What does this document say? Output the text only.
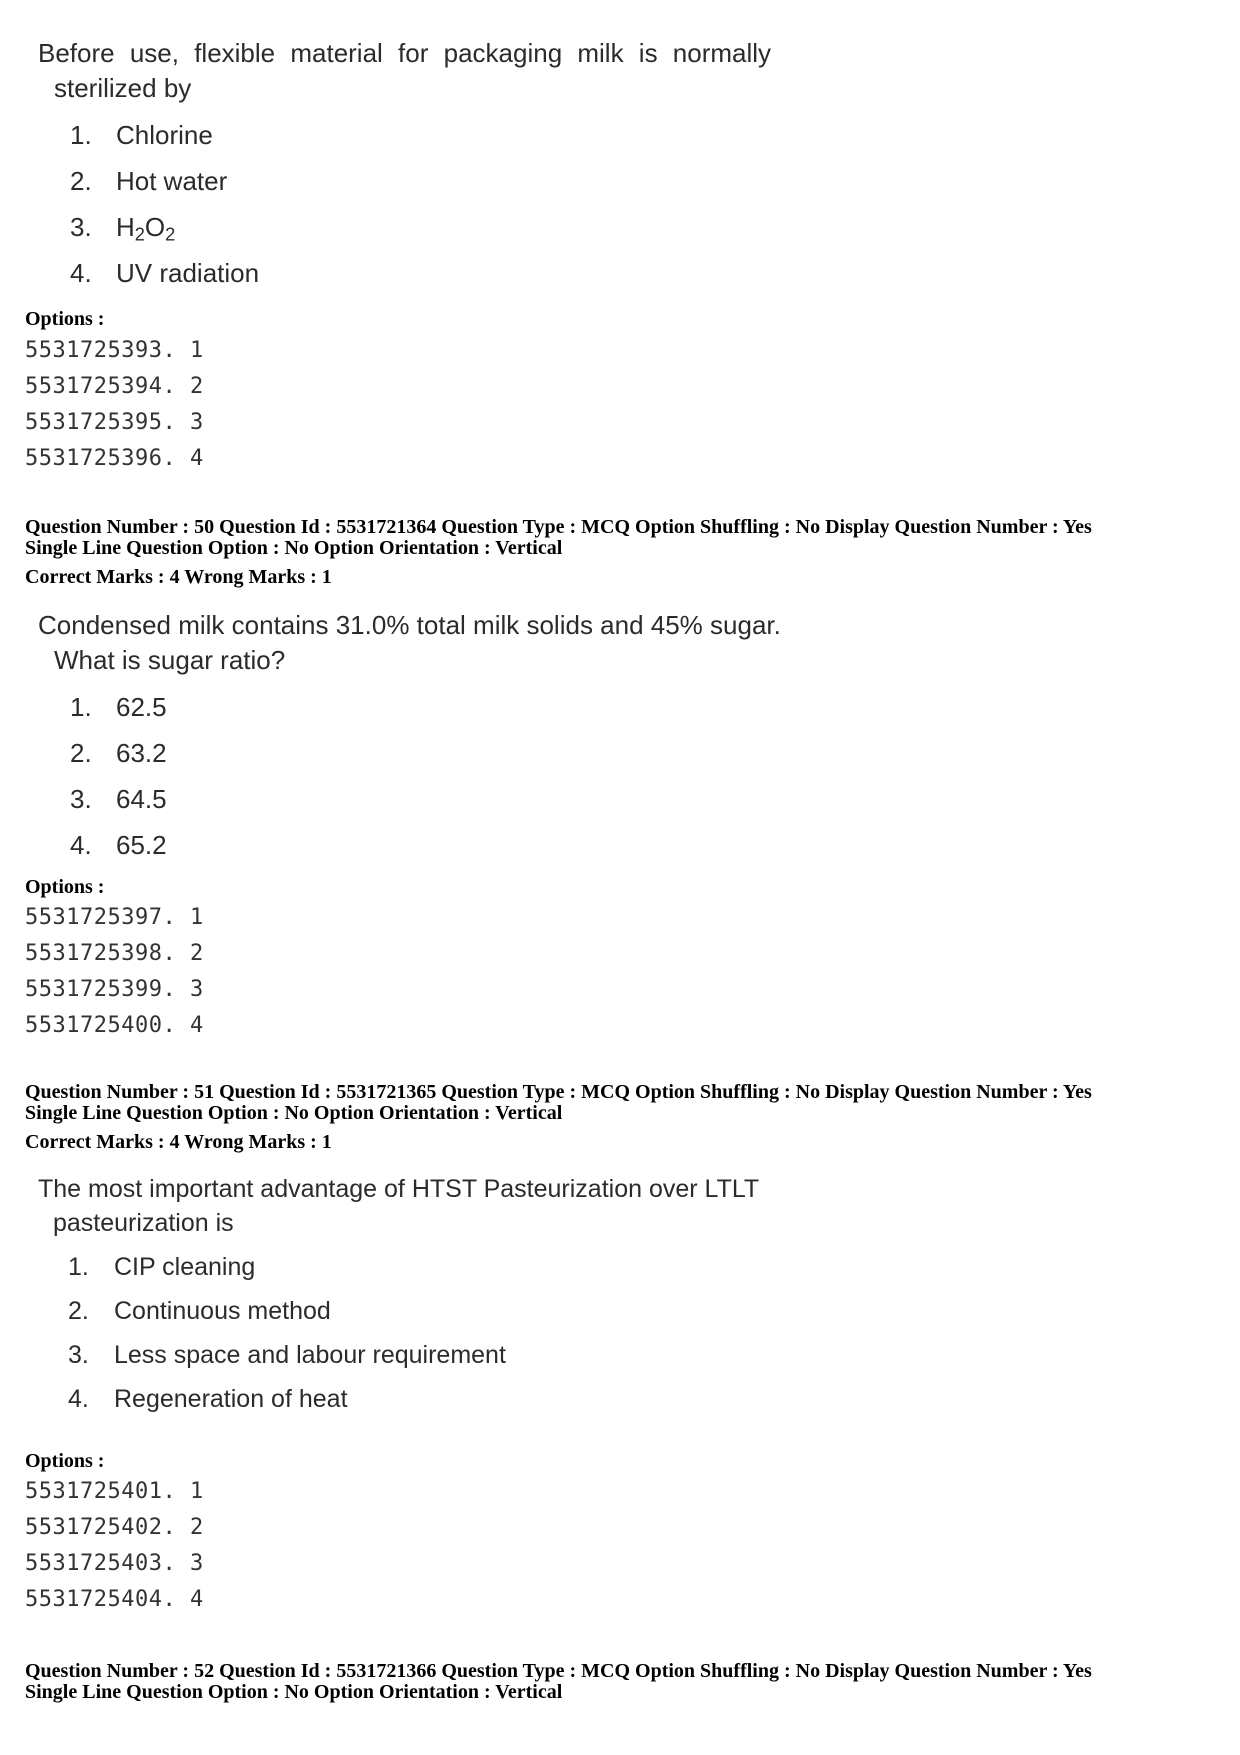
Before use, flexible material for packaging milk is normally
sterilized by
1. Chlorine
2. Hot water
3. $H_2O_2$
4. UV radiation
Options :
5531725393. 1
5531725394. 2
5531725395. 3
5531725396. 4
Question Number : 50 Question Id : 5531721364 Question Type : MCQ Option Shuffling : No Display Question Number : Yes
Single Line Question Option : No Option Orientation : Vertical
Correct Marks : 4 Wrong Marks : 1
Condensed milk contains 31.0% total milk solids and 45% sugar.
What is sugar ratio?
1. 62.5
2. 63.2
3. 64.5
4. 65.2
Options :
5531725397. 1
5531725398. 2
5531725399. 3
5531725400. 4
Question Number : 51 Question Id : 5531721365 Question Type : MCQ Option Shuffling : No Display Question Number : Yes
Single Line Question Option : No Option Orientation : Vertical
Correct Marks : 4 Wrong Marks : 1
The most important advantage of HTST Pasteurization over LTLT
pasteurization is
1. CIP cleaning
2. Continuous method
3. Less space and labour requirement
4. Regeneration of heat
Options :
5531725401. 1
5531725402. 2
5531725403. 3
5531725404. 4
Question Number : 52 Question Id : 5531721366 Question Type : MCQ Option Shuffling : No Display Question Number : Yes
Single Line Question Option : No Option Orientation : Vertical
